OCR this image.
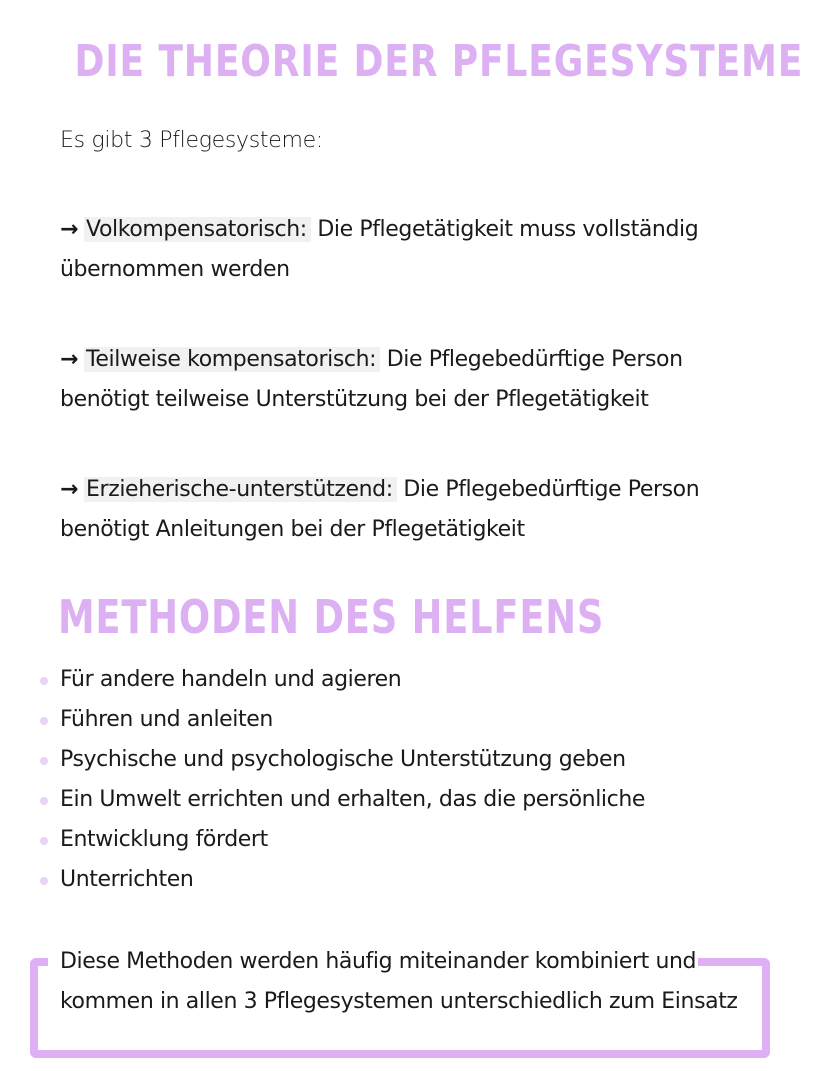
DIE THEORIE DER PFLEGESYSTEME
Es gibt 3 Pflegesysteme:
→ Volkompensatorisch: Die Pflegetätigkeit muss vollständig übernommen werden
→ Teilweise kompensatorisch: Die Pflegebedürftige Person benötigt teilweise Unterstützung bei der Pflegetätigkeit
→ Erzieherische-unterstützend: Die Pflegebedürftige Person benötigt Anleitungen bei der Pflegetätigkeit
METHODEN DES HELFENS
Für andere handeln und agieren
Führen und anleiten
Psychische und psychologische Unterstützung geben
Ein Umwelt errichten und erhalten, das die persönliche
Entwicklung fördert
Unterrichten
Diese Methoden werden häufig miteinander kombiniert und kommen in allen 3 Pflegesystemen unterschiedlich zum Einsatz
